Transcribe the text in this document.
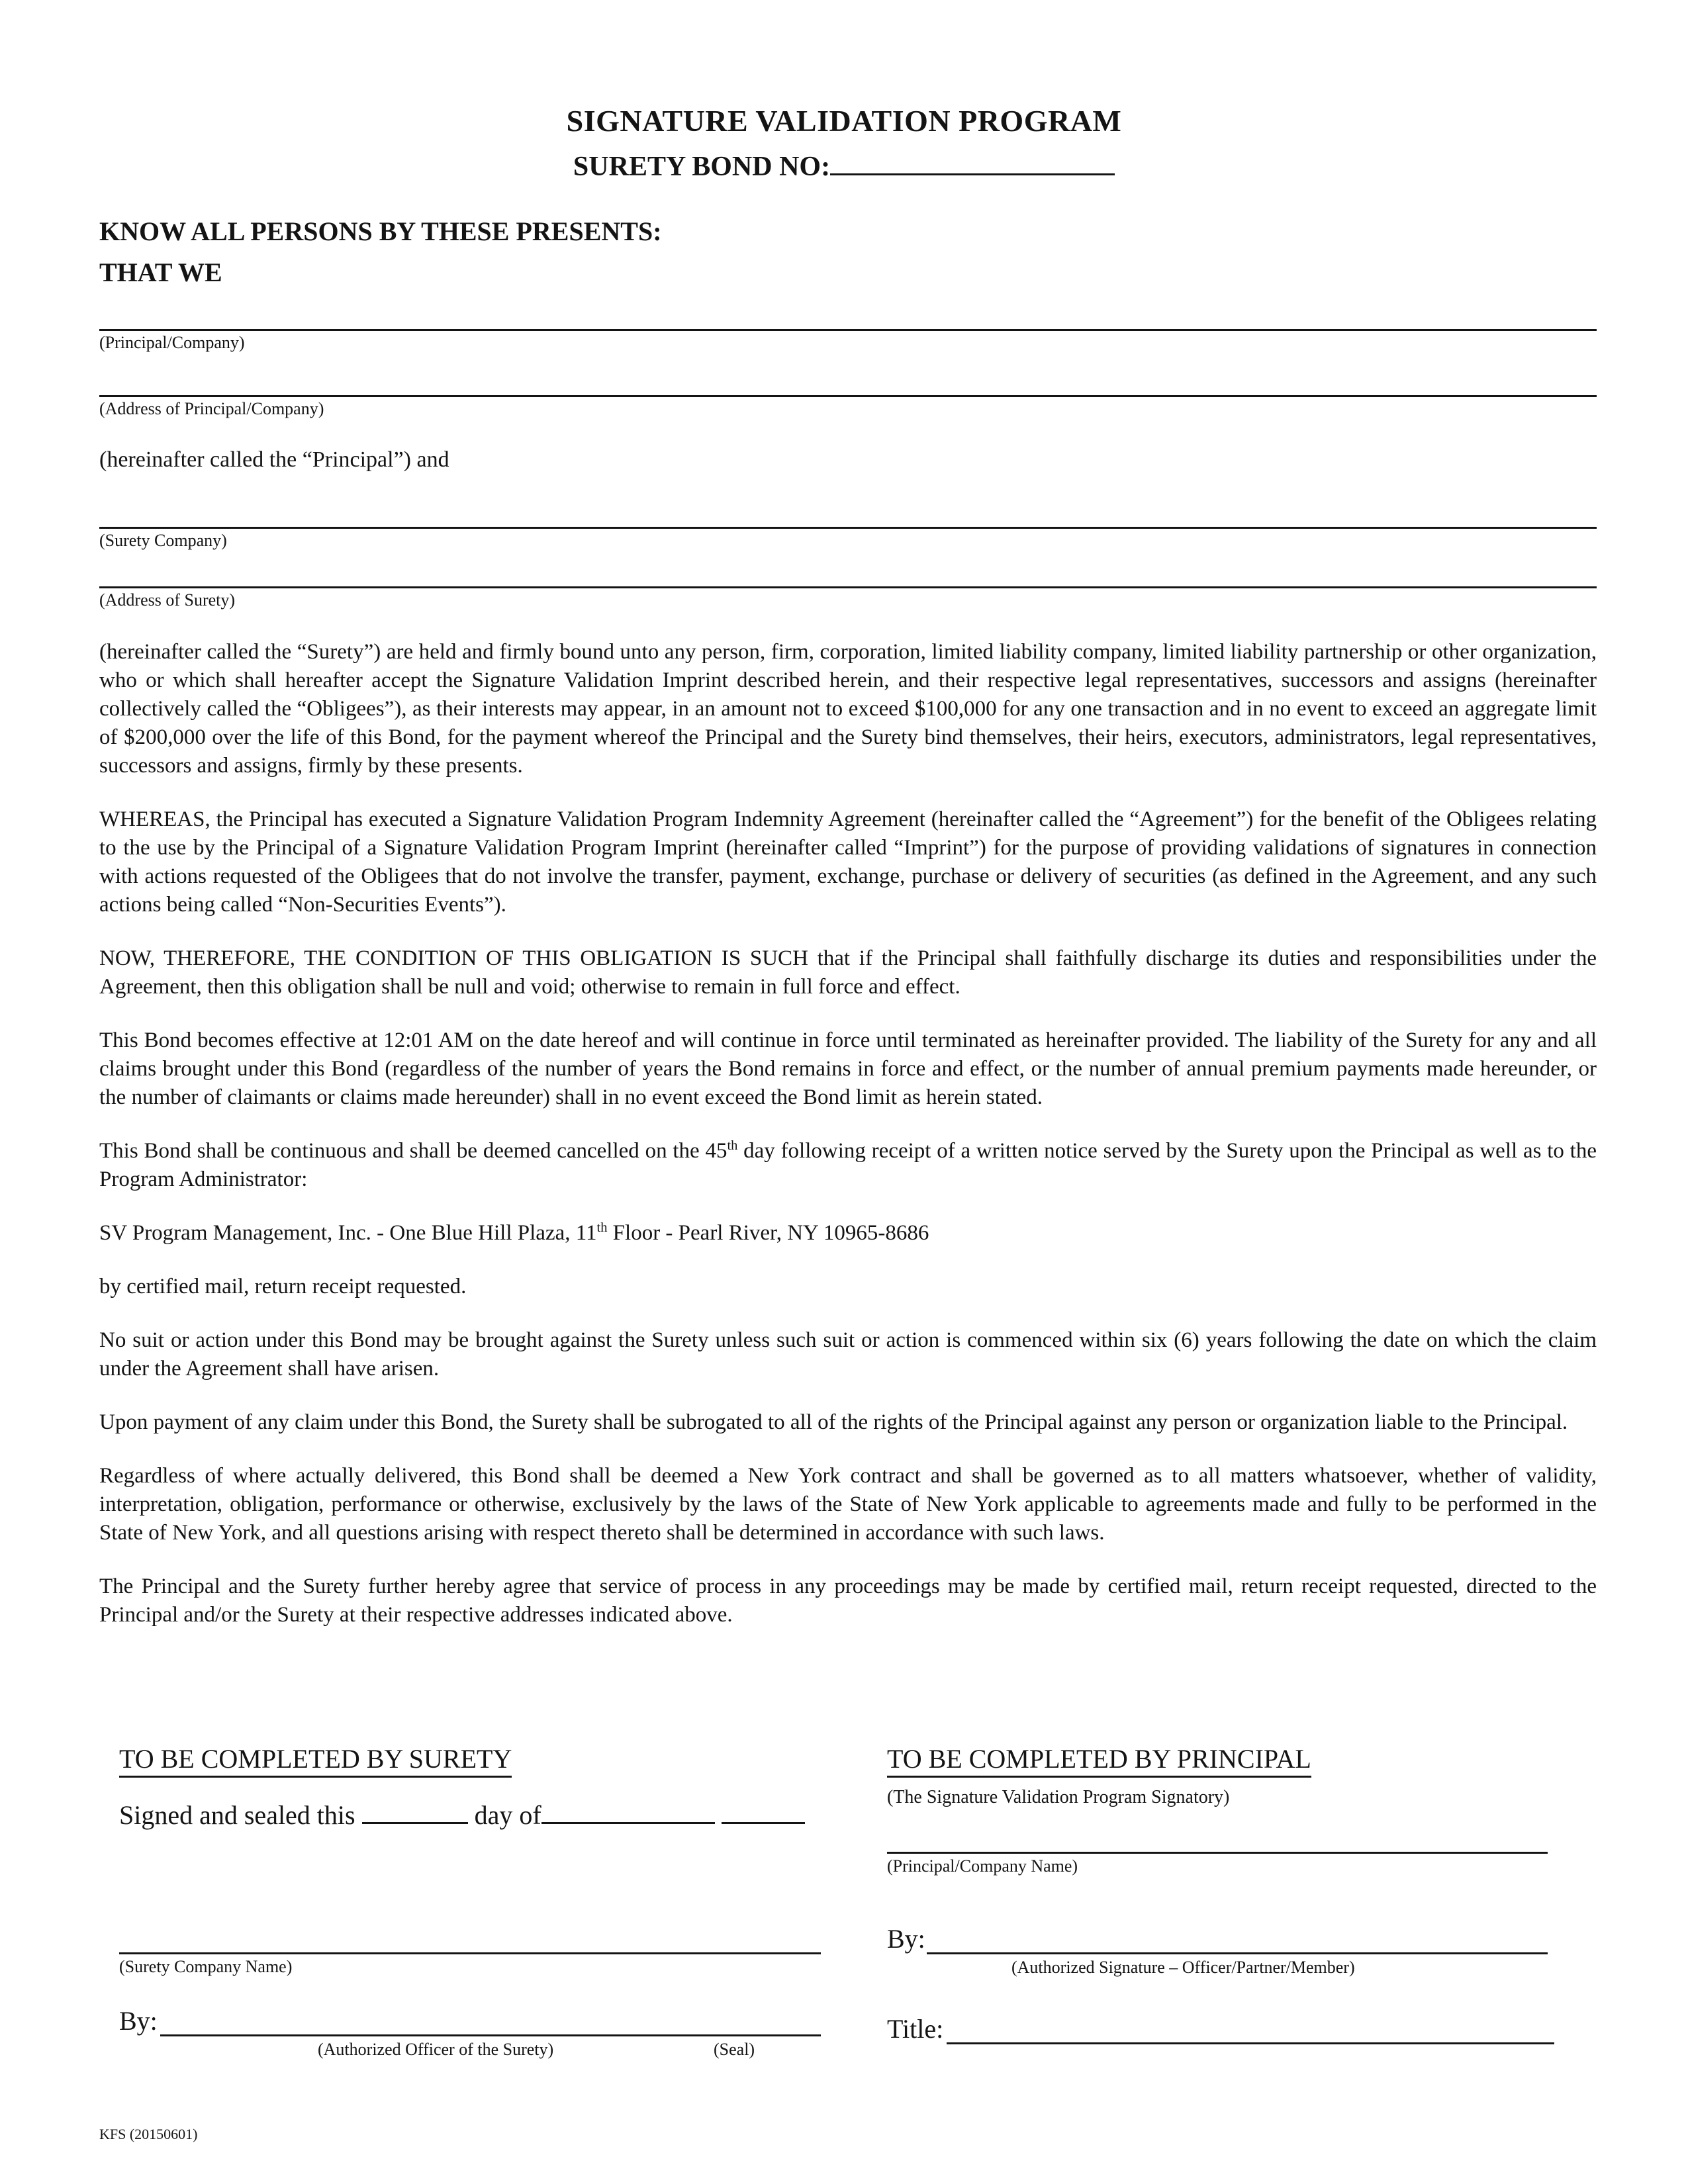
SIGNATURE VALIDATION PROGRAM
SURETY BOND NO:
KNOW ALL PERSONS BY THESE PRESENTS:
THAT WE
(Principal/Company)
(Address of Principal/Company)
(hereinafter called the “Principal”) and
(Surety Company)
(Address of Surety)

(hereinafter called the “Surety”) are held and firmly bound unto any person, firm, corporation, limited liability company, limited liability partnership or other organization, who or which shall hereafter accept the Signature Validation Imprint described herein, and their respective legal representatives, successors and assigns (hereinafter collectively called the “Obligees”), as their interests may appear, in an amount not to exceed $100,000 for any one transaction and in no event to exceed an aggregate limit of $200,000 over the life of this Bond, for the payment whereof the Principal and the Surety bind themselves, their heirs, executors, administrators, legal representatives, successors and assigns, firmly by these presents.

WHEREAS, the Principal has executed a Signature Validation Program Indemnity Agreement (hereinafter called the “Agreement”) for the benefit of the Obligees relating to the use by the Principal of a Signature Validation Program Imprint (hereinafter called “Imprint”) for the purpose of providing validations of signatures in connection with actions requested of the Obligees that do not involve the transfer, payment, exchange, purchase or delivery of securities (as defined in the Agreement, and any such actions being called “Non-Securities Events”).

NOW, THEREFORE, THE CONDITION OF THIS OBLIGATION IS SUCH that if the Principal shall faithfully discharge its duties and responsibilities under the Agreement, then this obligation shall be null and void; otherwise to remain in full force and effect.

This Bond becomes effective at 12:01 AM on the date hereof and will continue in force until terminated as hereinafter provided. The liability of the Surety for any and all claims brought under this Bond (regardless of the number of years the Bond remains in force and effect, or the number of annual premium payments made hereunder, or the number of claimants or claims made hereunder) shall in no event exceed the Bond limit as herein stated.

This Bond shall be continuous and shall be deemed cancelled on the 45th day following receipt of a written notice served by the Surety upon the Principal as well as to the Program Administrator:

SV Program Management, Inc. - One Blue Hill Plaza, 11th Floor - Pearl River, NY 10965-8686

by certified mail, return receipt requested.

No suit or action under this Bond may be brought against the Surety unless such suit or action is commenced within six (6) years following the date on which the claim under the Agreement shall have arisen.

Upon payment of any claim under this Bond, the Surety shall be subrogated to all of the rights of the Principal against any person or organization liable to the Principal.

Regardless of where actually delivered, this Bond shall be deemed a New York contract and shall be governed as to all matters whatsoever, whether of validity, interpretation, obligation, performance or otherwise, exclusively by the laws of the State of New York applicable to agreements made and fully to be performed in the State of New York, and all questions arising with respect thereto shall be determined in accordance with such laws.

The Principal and the Surety further hereby agree that service of process in any proceedings may be made by certified mail, return receipt requested, directed to the Principal and/or the Surety at their respective addresses indicated above.

TO BE COMPLETED BY SURETY
Signed and sealed this	day of
(Surety Company Name)
By:
(Authorized Officer of the Surety)	(Seal)
TO BE COMPLETED BY PRINCIPAL
(The Signature Validation Program Signatory)
(Principal/Company Name)
By:
(Authorized Signature – Officer/Partner/Member)
Title:
KFS (20150601)
